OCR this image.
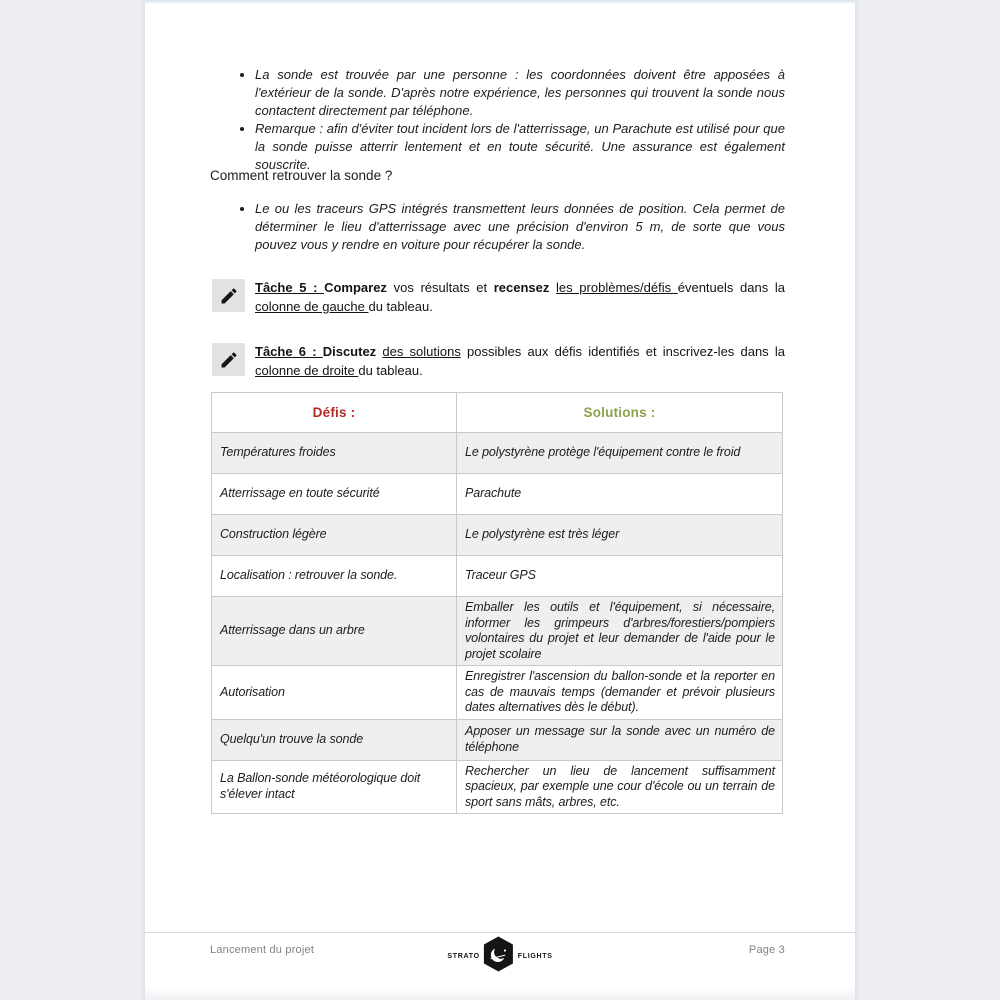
• La sonde est trouvée par une personne : les coordonnées doivent être apposées à l'extérieur de la sonde. D'après notre expérience, les personnes qui trouvent la sonde nous contactent directement par téléphone.
• Remarque : afin d'éviter tout incident lors de l'atterrissage, un Parachute est utilisé pour que la sonde puisse atterrir lentement et en toute sécurité. Une assurance est également souscrite.
Comment retrouver la sonde ?
• Le ou les traceurs GPS intégrés transmettent leurs données de position. Cela permet de déterminer le lieu d'atterrissage avec une précision d'environ 5 m, de sorte que vous pouvez vous y rendre en voiture pour récupérer la sonde.
Tâche 5 : Comparez vos résultats et recensez les problèmes/défis éventuels dans la colonne de gauche du tableau.
Tâche 6 : Discutez des solutions possibles aux défis identifiés et inscrivez-les dans la colonne de droite du tableau.
Défis :	Solutions :
Températures froides	Le polystyrène protège l'équipement contre le froid
Atterrissage en toute sécurité	Parachute
Construction légère	Le polystyrène est très léger
Localisation : retrouver la sonde.	Traceur GPS
Atterrissage dans un arbre	Emballer les outils et l'équipement, si nécessaire, informer les grimpeurs d'arbres/forestiers/pompiers volontaires du projet et leur demander de l'aide pour le projet scolaire
Autorisation	Enregistrer l'ascension du ballon-sonde et la reporter en cas de mauvais temps (demander et prévoir plusieurs dates alternatives dès le début).
Quelqu'un trouve la sonde	Apposer un message sur la sonde avec un numéro de téléphone
La Ballon-sonde météorologique doit s'élever intact	Rechercher un lieu de lancement suffisamment spacieux, par exemple une cour d'école ou un terrain de sport sans mâts, arbres, etc.
Lancement du projet
STRATO	FLIGHTS
Page 3
